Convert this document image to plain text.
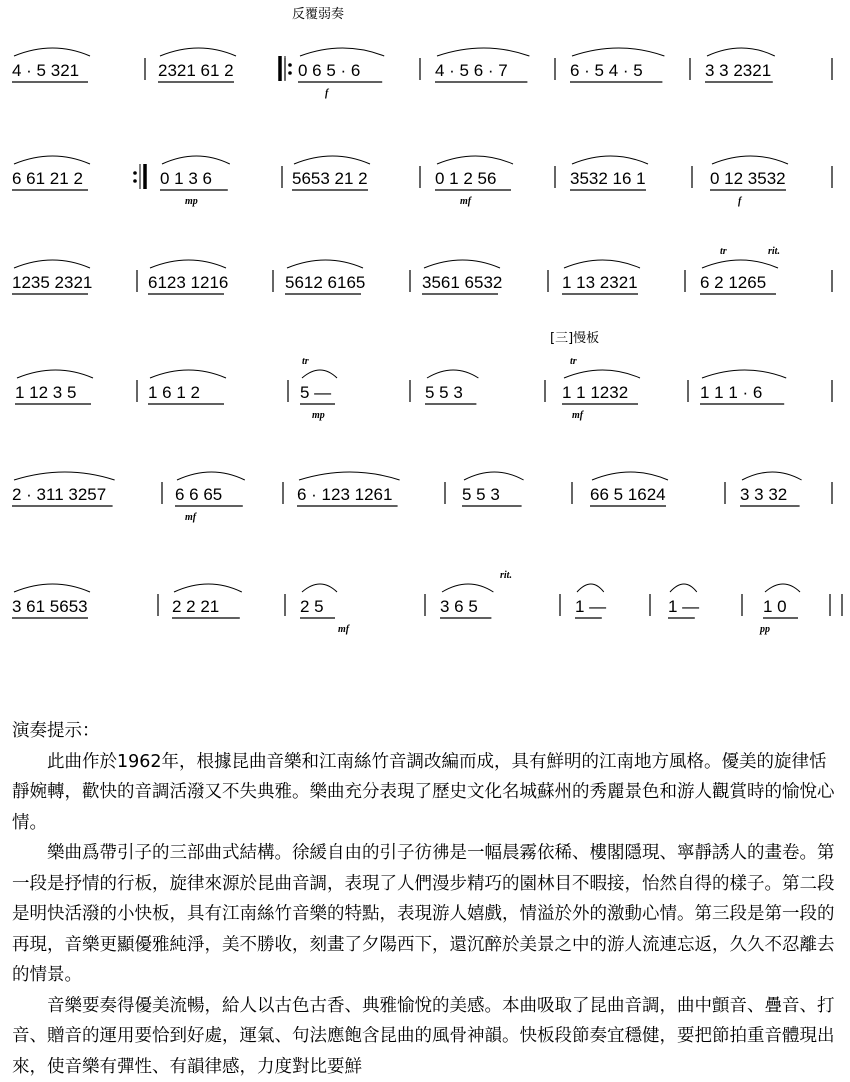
反覆弱奏
[三]慢板
4 · 5 321	2321 61 2	0 6 5 · 6	4 · 5 6 · 7	6 · 5 4 · 5	3 3 2321
6 61 21 2	0 1 3 6	5653 21 2	0 1 2 56	3532 16 1	0 12 3532
1235 2321	6123 1216	5612 6165	3561 6532	1 13 2321	6 2 1265
1 12 3 5	1 6 1 2	5 —	5 5 3	1 1 1232	1 1 1 · 6
2 · 311 3257	6 6 65	6 · 123 1261	5 5 3	66 5 1624	3 3 32
3 61 5653	2 2 21	2 5	3 6 5	1 —	1 —	1 0
f
mp	mf	f
rit.
tr
mp	mf
tr	tr
mf
mf
rit.
pp
演奏提示：

此曲作於1962年，根據昆曲音樂和江南絲竹音調改編而成，具有鮮明的江南地方風格。優美的旋律恬靜婉轉，歡快的音調活潑又不失典雅。樂曲充分表現了歷史文化名城蘇州的秀麗景色和游人觀賞時的愉悅心情。

樂曲爲帶引子的三部曲式結構。徐緩自由的引子彷彿是一幅晨霧依稀、樓閣隱現、寧靜誘人的畫卷。第一段是抒情的行板，旋律來源於昆曲音調，表現了人們漫步精巧的園林目不暇接，怡然自得的樣子。第二段是明快活潑的小快板，具有江南絲竹音樂的特點，表現游人嬉戲，情溢於外的激動心情。第三段是第一段的再現，音樂更顯優雅純淨，美不勝收，刻畫了夕陽西下，還沉醉於美景之中的游人流連忘返，久久不忍離去的情景。

音樂要奏得優美流暢，給人以古色古香、典雅愉悅的美感。本曲吸取了昆曲音調，曲中顫音、疊音、打音、贈音的運用要恰到好處，運氣、句法應飽含昆曲的風骨神韻。快板段節奏宜穩健，要把節拍重音體現出來，使音樂有彈性、有韻律感，力度對比要鮮
